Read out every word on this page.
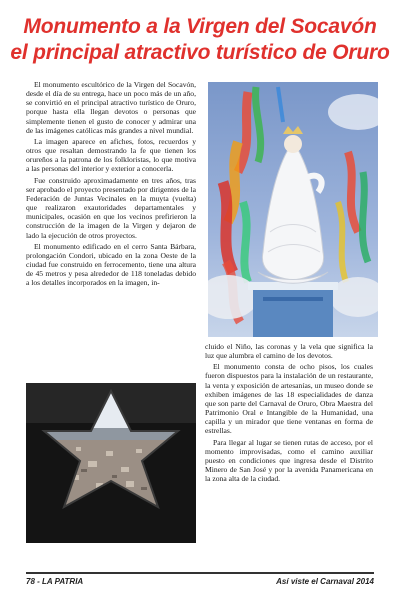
Monumento a la Virgen del Socavón
el principal atractivo turístico de Oruro

El monumento escultórico de la Virgen del Socavón, desde el día de su entrega, hace un poco más de un año, se convirtió en el principal atractivo turístico de Oruro, porque hasta ella llegan devotos o personas que simplemente tienen el gusto de conocer y admirar una de las imágenes católicas más grandes a nivel mundial.

La imagen aparece en afiches, fotos, recuerdos y otros que resaltan demostrando la fe que tienen los orureños a la patrona de los folkloristas, lo que motiva a las personas del interior y exterior a conocerla.

Fue construido aproximadamente en tres años, tras ser aprobado el proyecto presentado por dirigentes de la Federación de Juntas Vecinales en la muyta (vuelta) que realizaron exautoridades departamentales y municipales, ocasión en que los vecinos prefirieron la construcción de la imagen de la Virgen y dejaron de lado la ejecución de otros proyectos.

El monumento edificado en el cerro Santa Bárbara, prolongación Condori, ubicado en la zona Oeste de la ciudad fue construido en ferrocemento, tiene una altura de 45 metros y pesa alrededor de 118 toneladas debido a los detalles incorporados en la imagen, in-

cluido el Niño, las coronas y la vela que significa la luz que alumbra el camino de los devotos.

El monumento consta de ocho pisos, los cuales fueron dispuestos para la instalación de un restaurante, la venta y exposición de artesanías, un museo donde se exhiben imágenes de las 18 especialidades de danza que son parte del Carnaval de Oruro, Obra Maestra del Patrimonio Oral e Intangible de la Humanidad, una capilla y un mirador que tiene ventanas en forma de estrellas.

Para llegar al lugar se tienen rutas de acceso, por el momento improvisadas, como el camino auxiliar puesto en condiciones que ingresa desde el Distrito Minero de San José y por la avenida Panamericana en la zona alta de la ciudad.

78 - LA PATRIA	Así viste el Carnaval 2014
